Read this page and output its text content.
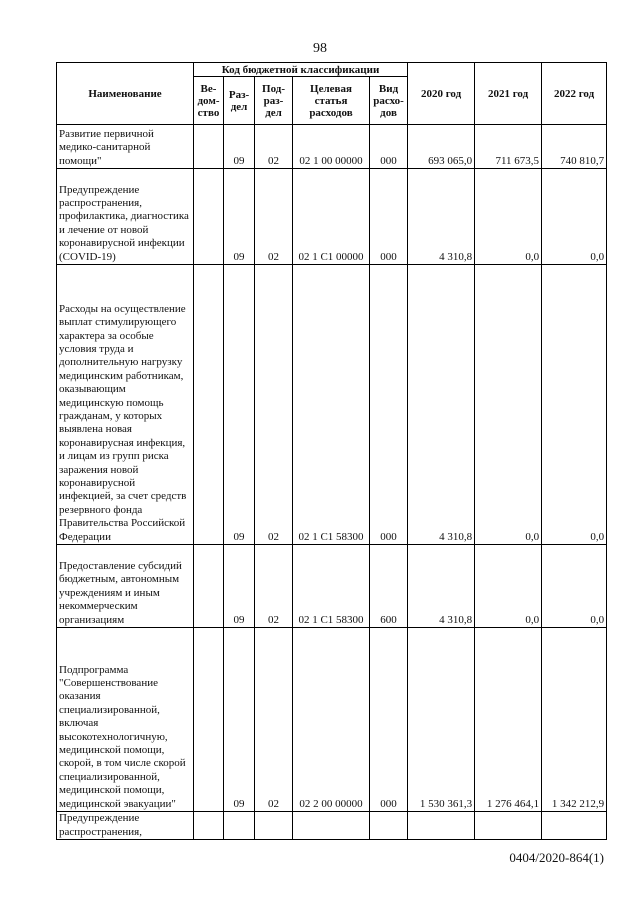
98
Наименование	Код бюджетной классификации					2020 год	2021 год	2022 год
	Ве- дом- ство	Раз- дел	Под- раз- дел	Целевая статья расходов	Вид расхо- дов			
Развитие первичной медико-санитарной помощи"		09	02	02 1 00 00000	000	693 065,0	711 673,5	740 810,7
Предупреждение распространения, профилактика, диагностика и лечение от новой коронавирусной инфекции (COVID-19)		09	02	02 1 С1 00000	000	4 310,8	0,0	0,0
Расходы на осуществление выплат стимулирующего характера за особые условия труда и дополнительную нагрузку медицинским работникам, оказывающим медицинскую помощь гражданам, у которых выявлена новая коронавирусная инфекция, и лицам из групп риска заражения новой коронавирусной инфекцией, за счет средств резервного фонда Правительства Российской Федерации		09	02	02 1 С1 58300	000	4 310,8	0,0	0,0
Предоставление субсидий бюджетным, автономным учреждениям и иным некоммерческим организациям		09	02	02 1 С1 58300	600	4 310,8	0,0	0,0
Подпрограмма "Совершенствование оказания специализированной, включая высокотехнологичную, медицинской помощи, скорой, в том числе скорой специализированной, медицинской помощи, медицинской эвакуации"		09	02	02 2 00 00000	000	1 530 361,3	1 276 464,1	1 342 212,9
Предупреждение распространения,								
0404/2020-864(1)
